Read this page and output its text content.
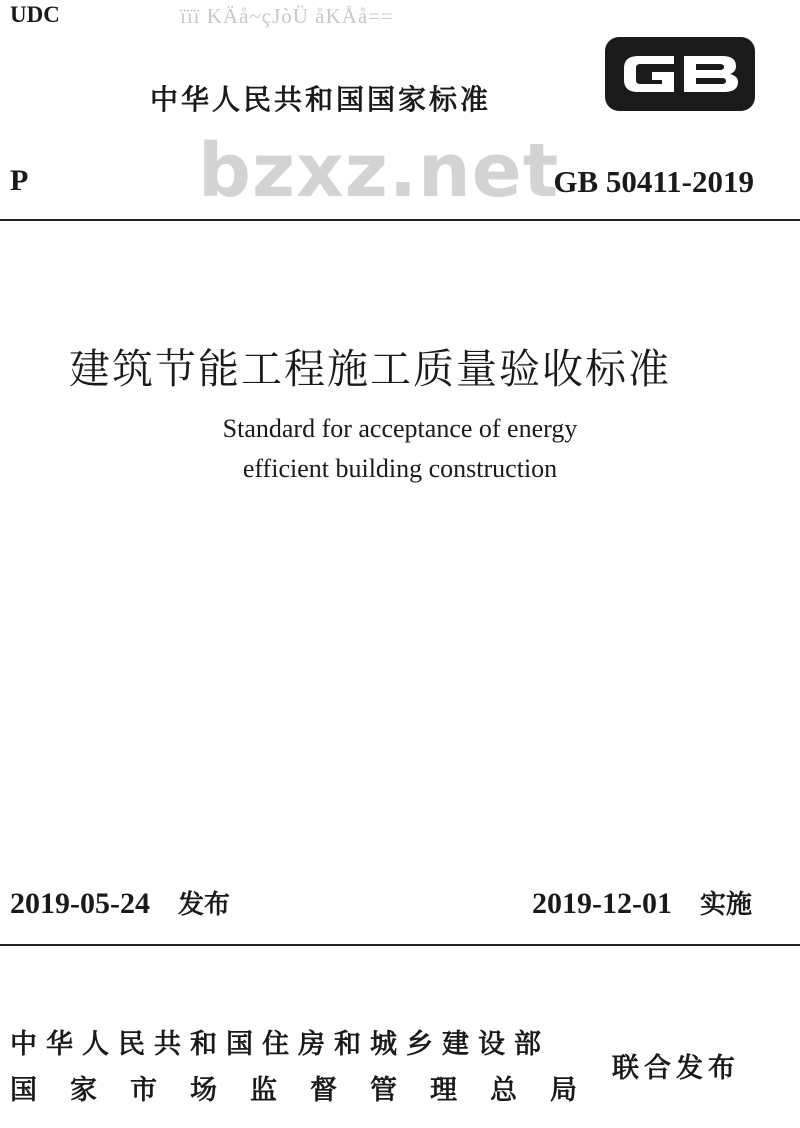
UDC	ïïï KÄå~çJòÜ åKÅå==
中华人民共和国国家标准
bzxz.net
P	GB 50411-2019
建筑节能工程施工质量验收标准
Standard for acceptance of energy
efficient building construction
2019-05-24 发布	2019-12-01 实施
中华人民共和国住房和城乡建设部
国家市场监督管理总局
联合发布
